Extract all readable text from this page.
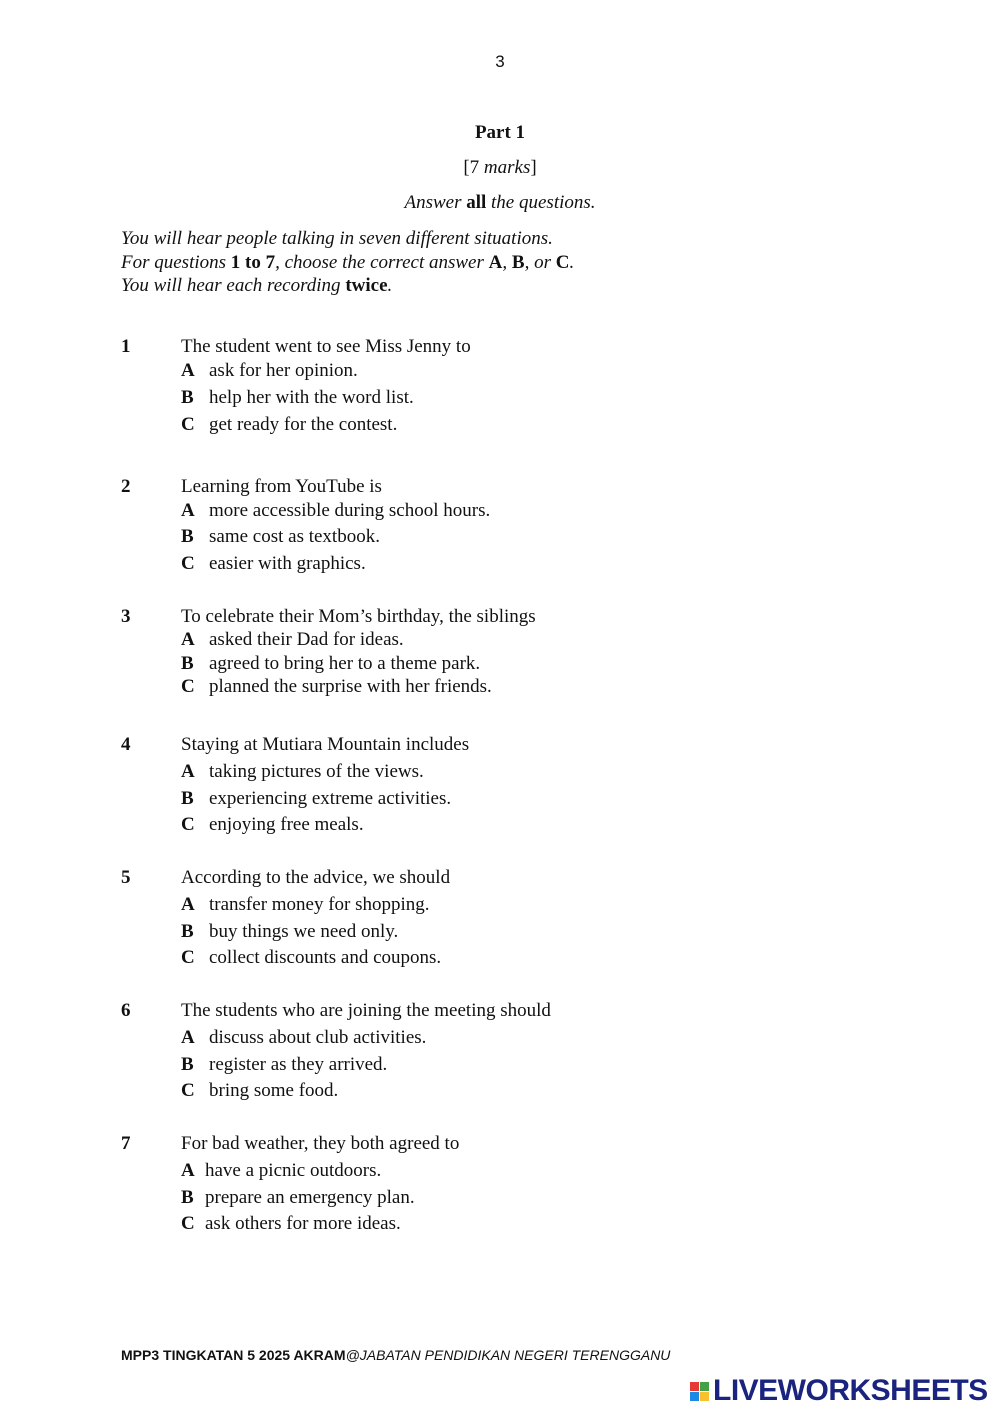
3
Part 1
[7 marks]
Answer all the questions.
You will hear people talking in seven different situations.
For questions 1 to 7, choose the correct answer A, B, or C.
You will hear each recording twice.
1	The student went to see Miss Jenny to
A ask for her opinion.
B help her with the word list.
C get ready for the contest.
2	Learning from YouTube is
A more accessible during school hours.
B same cost as textbook.
C easier with graphics.
3	To celebrate their Mom’s birthday, the siblings
A asked their Dad for ideas.
B agreed to bring her to a theme park.
C planned the surprise with her friends.
4	Staying at Mutiara Mountain includes
A taking pictures of the views.
B experiencing extreme activities.
C enjoying free meals.
5	According to the advice, we should
A transfer money for shopping.
B buy things we need only.
C collect discounts and coupons.
6	The students who are joining the meeting should
A discuss about club activities.
B register as they arrived.
C bring some food.
7	For bad weather, they both agreed to
A have a picnic outdoors.
B prepare an emergency plan.
C ask others for more ideas.
MPP3 TINGKATAN 5 2025 AKRAM@JABATAN PENDIDIKAN NEGERI TERENGGANU
LIVEWORKSHEETS
